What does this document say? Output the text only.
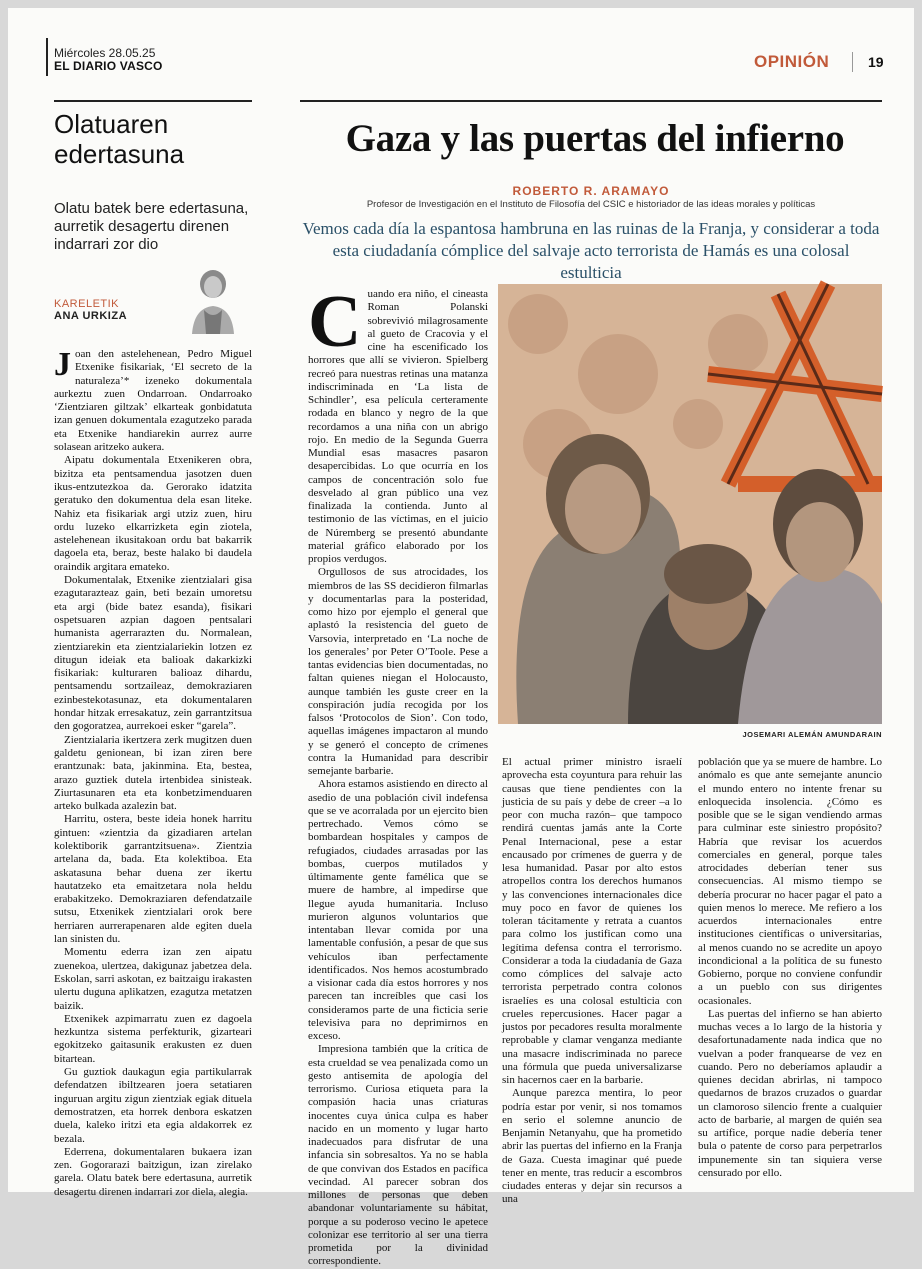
Miércoles 28.05.25
EL DIARIO VASCO	OPINIÓN	19
Olatuaren edertasuna
Olatu batek bere edertasuna, aurretik desagertu direnen indarrari zor dio
KARELETIK
ANA URKIZA

Joan den astelehenean, Pedro Miguel Etxenike fisikariak, ‘El secreto de la naturaleza’* izeneko dokumentala aurkeztu zuen Ondarroan. Ondarroako ‘Zientziaren giltzak’ elkarteak gonbidatuta izan genuen dokumentala ezagutzeko parada eta Etxenike handiarekin aurrez aurre solasean aritzeko aukera.

Aipatu dokumentala Etxenikeren obra, bizitza eta pentsamendua jasotzen duen ikus-entzutezkoa da. Gerorako idatzita geratuko den dokumentua dela esan liteke. Nahiz eta fisikariak argi utziz zuen, hiru ordu luzeko elkarrizketa egin ziotela, astelehenean ikusitakoan ordu bat bakarrik dagoela eta, beraz, beste halako bi daudela oraindik argitara emateko.

Dokumentalak, Etxenike zientzialari gisa ezagutarazteaz gain, beti bezain umoretsu eta argi (bide batez esanda), fisikari ospetsuaren azpian dagoen pentsalari humanista agerrarazten du. Normalean, zientziarekin eta zientzialariekin lotzen ez ditugun ideiak eta balioak dakarkizki fisikariak: kulturaren balioaz dihardu, pentsamendu sortzaileaz, demokraziaren ezinbestekotasunaz, eta dokumentalaren hondar hitzak erresakatuz, zein garrantzitsua den gogoratzea, aurrekoei esker “garela”.

Zientzialaria ikertzera zerk mugitzen duen galdetu genionean, bi izan ziren bere erantzunak: bata, jakinmina. Eta, bestea, arazo guztiek dutela irtenbidea sinisteak. Ziurtasunaren eta eta konbetzimenduaren arteko bulkada azalezin bat.

Harritu, ostera, beste ideia honek harritu gintuen: «zientzia da gizadiaren artelan kolektiborik garrantzitsuena». Zientzia artelana da, bada. Eta kolektiboa. Eta askatasuna behar duena zer ikertu hautatzeko eta emaitzetara nola heldu erabakitzeko. Demokraziaren defendatzaile sutsu, Etxenikek zientzialari orok bere herriaren aurrerapenaren alde egiten duela lan sinisten du.

Momentu ederra izan zen aipatu zuenekoa, ulertzea, dakigunaz jabetzea dela. Eskolan, sarri askotan, ez baitzaigu irakasten ulertu duguna aplikatzen, ezagutza metatzen baizik.

Etxenikek azpimarratu zuen ez dagoela hezkuntza sistema perfekturik, gizarteari egokitzeko gaitasunik erakusten ez duen bitartean.

Gu guztiok daukagun egia partikularrak defendatzen ibiltzearen joera setatiaren inguruan argitu zigun zientziak egiak dituela demostratzen, eta horrek denbora eskatzen duela, kaleko iritzi eta egia aldakorrek ez bezala.

Ederrena, dokumentalaren bukaera izan zen. Gogorarazi baitzigun, izan zirelako garela. Olatu batek bere edertasuna, aurretik desagertu direnen indarrari zor diela, alegia.

Gaza y las puertas del infierno
ROBERTO R. ARAMAYO
Profesor de Investigación en el Instituto de Filosofía del CSIC e historiador de las ideas morales y políticas
Vemos cada día la espantosa hambruna en las ruinas de la Franja, y considerar a toda esta ciudadanía cómplice del salvaje acto terrorista de Hamás es una colosal estulticia

Cuando era niño, el cineasta Roman Polanski sobrevivió milagrosamente al gueto de Cracovia y el cine ha escenificado los horrores que allí se vivieron. Spielberg recreó para nuestras retinas una matanza indiscriminada en ‘La lista de Schindler’, esa película certeramente rodada en blanco y negro de la que recordamos a una niña con un abrigo rojo. En medio de la Segunda Guerra Mundial esas masacres pasaron desapercibidas. Lo que ocurría en los campos de concentración solo fue desvelado al gran público una vez finalizada la contienda. Junto al testimonio de las víctimas, en el juicio de Núremberg se presentó abundante material gráfico elaborado por los propios verdugos.

Orgullosos de sus atrocidades, los miembros de las SS decidieron filmarlas y documentarlas para la posteridad, como hizo por ejemplo el general que aplastó la resistencia del gueto de Varsovia, interpretado en ‘La noche de los generales’ por Peter O’Toole. Pese a tantas evidencias bien documentadas, no faltan quienes niegan el Holocausto, aunque también les guste creer en la conspiración judía recogida por los falsos ‘Protocolos de Sion’. Con todo, aquellas imágenes impactaron al mundo y se generó el concepto de crímenes contra la Humanidad para describir semejante barbarie.

Ahora estamos asistiendo en directo al asedio de una población civil indefensa que se ve acorralada por un ejercito bien pertrechado. Vemos cómo se bombardean hospitales y campos de refugiados, ciudades arrasadas por las bombas, cuerpos mutilados y últimamente gente famélica que se muere de hambre, al impedirse que llegue ayuda humanitaria. Incluso murieron algunos voluntarios que intentaban llevar comida por una lamentable confusión, a pesar de que sus vehículos iban perfectamente identificados. Nos hemos acostumbrado a visionar cada día estos horrores y nos parecen tan increíbles que casi los consideramos parte de una ficticia serie televisiva para no deprimirnos en exceso.

Impresiona también que la crítica de esta crueldad se vea penalizada como un gesto antisemita de apología del terrorismo. Curiosa etiqueta para la compasión hacia unas criaturas inocentes cuya única culpa es haber nacido en un momento y lugar harto inadecuados para disfrutar de una infancia sin sobresaltos. Ya no se habla de que convivan dos Estados en pacífica vecindad. Al parecer sobran dos millones de personas que deben abandonar voluntariamente su hábitat, porque a su poderoso vecino le apetece colonizar ese territorio al ser una tierra prometida por la divinidad correspondiente.

JOSEMARI ALEMÁN AMUNDARAIN

El actual primer ministro israelí aprovecha esta coyuntura para rehuir las causas que tiene pendientes con la justicia de su país y debe de creer –a lo peor con mucha razón– que tampoco rendirá cuentas jamás ante la Corte Penal Internacional, pese a estar encausado por crímenes de guerra y de lesa humanidad. Pasar por alto estos atropellos contra los derechos humanos y las convenciones internacionales dice muy poco en favor de quienes los toleran tácitamente y retrata a cuantos para colmo los justifican como una legítima defensa contra el terrorismo. Considerar a toda la ciudadanía de Gaza como cómplices del salvaje acto terrorista perpetrado contra colonos israelíes es una colosal estulticia con crueles repercusiones. Hacer pagar a justos por pecadores resulta moralmente reprobable y clamar venganza mediante una masacre indiscriminada no parece una fórmula que pueda universalizarse sin hacernos caer en la barbarie.

Aunque parezca mentira, lo peor podría estar por venir, si nos tomamos en serio el solemne anuncio de Benjamin Netanyahu, que ha prometido abrir las puertas del infierno en la Franja de Gaza. Cuesta imaginar qué puede tener en mente, tras reducir a escombros ciudades enteras y dejar sin recursos a una

población que ya se muere de hambre. Lo anómalo es que ante semejante anuncio el mundo entero no intente frenar su enloquecida insolencia. ¿Cómo es posible que se le sigan vendiendo armas para culminar este siniestro propósito? Habría que revisar los acuerdos comerciales en general, porque tales atrocidades deberían tener sus consecuencias. Al mismo tiempo se debería procurar no hacer pagar el pato a quien menos lo merece. Me refiero a los acuerdos internacionales entre instituciones científicas o universitarias, al menos cuando no se acredite un apoyo incondicional a la política de su funesto Gobierno, porque no conviene confundir a un pueblo con sus dirigentes ocasionales.

Las puertas del infierno se han abierto muchas veces a lo largo de la historia y desafortunadamente nada indica que no vuelvan a poder franquearse de vez en cuando. Pero no deberíamos aplaudir a quienes decidan abrirlas, ni tampoco quedarnos de brazos cruzados o guardar un clamoroso silencio frente a cualquier acto de barbarie, al margen de quién sea su artífice, porque nadie debería tener bula o patente de corso para perpetrarlos impunemente sin tan siquiera verse censurado por ello.
